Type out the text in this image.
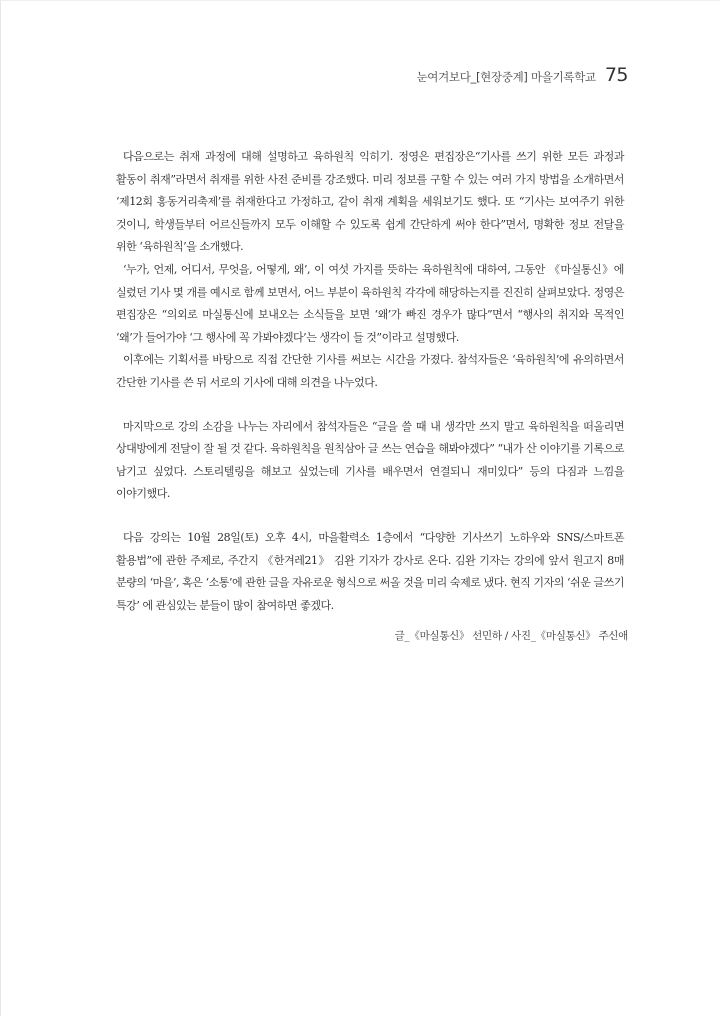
눈여겨보다_[현장중계] 마을기록학교 75

다음으로는 취재 과정에 대해 설명하고 육하원칙 익히기. 정영은 편집장은“기사를 쓰기 위한 모든 과정과 활동이 취재”라면서 취재를 위한 사전 준비를 강조했다. 미리 정보를 구할 수 있는 여러 가지 방법을 소개하면서 ‘제12회 홍동거리축제’를 취재한다고 가정하고, 같이 취재 계획을 세워보기도 했다. 또 “기사는 보여주기 위한 것이니, 학생들부터 어르신들까지 모두 이해할 수 있도록 쉽게 간단하게 써야 한다”면서, 명확한 정보 전달을 위한 ‘육하원칙’을 소개했다.

‘누가, 언제, 어디서, 무엇을, 어떻게, 왜’, 이 여섯 가지를 뜻하는 육하원칙에 대하여, 그동안 《마실통신》에 실렸던 기사 몇 개를 예시로 함께 보면서, 어느 부분이 육하원칙 각각에 해당하는지를 진진히 살펴보았다. 정영은 편집장은 “의외로 마실통신에 보내오는 소식들을 보면 ‘왜’가 빠진 경우가 많다”면서 “행사의 취지와 목적인 ‘왜’가 들어가야 ‘그 행사에 꼭 가봐야겠다’는 생각이 들 것”이라고 설명했다.

이후에는 기획서를 바탕으로 직접 간단한 기사를 써보는 시간을 가졌다. 참석자들은 ‘육하원칙’에 유의하면서 간단한 기사를 쓴 뒤 서로의 기사에 대해 의견을 나누었다.

마지막으로 강의 소감을 나누는 자리에서 참석자들은 “글을 쓸 때 내 생각만 쓰지 말고 육하원칙을 떠올리면 상대방에게 전달이 잘 될 것 같다. 육하원칙을 원칙삼아 글 쓰는 연습을 해봐야겠다” “내가 산 이야기를 기록으로 남기고 싶었다. 스토리텔링을 해보고 싶었는데 기사를 배우면서 연결되니 재미있다” 등의 다짐과 느낌을 이야기했다.

다음 강의는 10월 28일(토) 오후 4시, 마을활력소 1층에서 “다양한 기사쓰기 노하우와 SNS/스마트폰 활용법”에 관한 주제로, 주간지 《한겨레21》 김완 기자가 강사로 온다. 김완 기자는 강의에 앞서 원고지 8매 분량의 ‘마을’, 혹은 ‘소통’에 관한 글을 자유로운 형식으로 써올 것을 미리 숙제로 냈다. 현직 기자의 ‘쉬운 글쓰기 특강’ 에 관심있는 분들이 많이 참여하면 좋겠다.

글_《마실통신》 선민하 / 사진_《마실통신》 주신애
